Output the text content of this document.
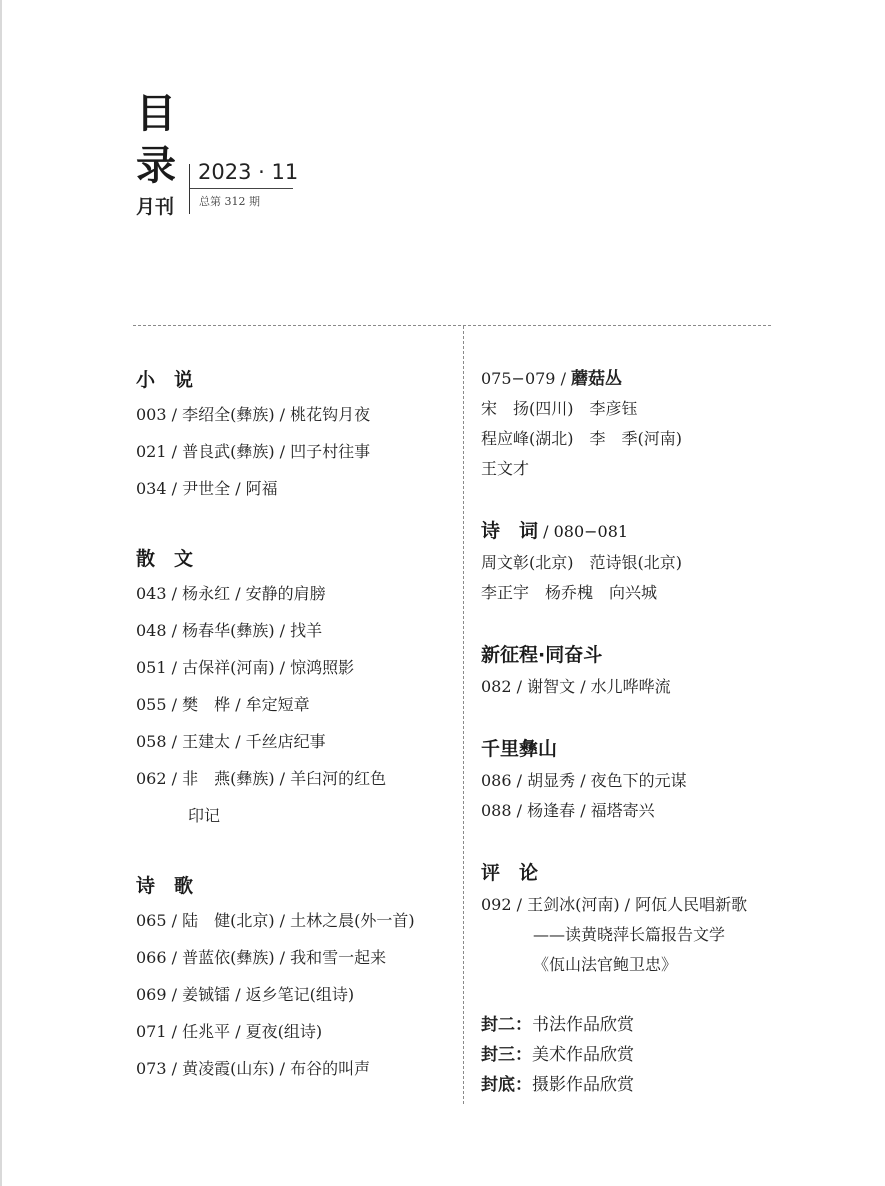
目
录
月刊
2023 · 11
总第 312 期
小　说
003 / 李绍全(彝族) / 桃花钩月夜
021 / 普良武(彝族) / 凹子村往事
034 / 尹世全 / 阿福
散　文
043 / 杨永红 / 安静的肩膀
048 / 杨春华(彝族) / 找羊
051 / 古保祥(河南) / 惊鸿照影
055 / 樊　桦 / 牟定短章
058 / 王建太 / 千丝店纪事
062 / 非　燕(彝族) / 羊臼河的红色
印记
诗　歌
065 / 陆　健(北京) / 土林之晨(外一首)
066 / 普蓝依(彝族) / 我和雪一起来
069 / 姜铖镭 / 返乡笔记(组诗)
071 / 任兆平 / 夏夜(组诗)
073 / 黄凌霞(山东) / 布谷的叫声
075−079 / 蘑菇丛
宋　扬(四川)　李彦钰
程应峰(湖北)　李　季(河南)
王文才
诗　词 / 080−081
周文彰(北京)　范诗银(北京)
李正宇　杨乔槐　向兴城
新征程·同奋斗
082 / 谢智文 / 水儿哗哗流
千里彝山
086 / 胡显秀 / 夜色下的元谋
088 / 杨逢春 / 福塔寄兴
评　论
092 / 王剑冰(河南) / 阿佤人民唱新歌
——读黄晓萍长篇报告文学
《佤山法官鲍卫忠》
封二：书法作品欣赏
封三：美术作品欣赏
封底：摄影作品欣赏
